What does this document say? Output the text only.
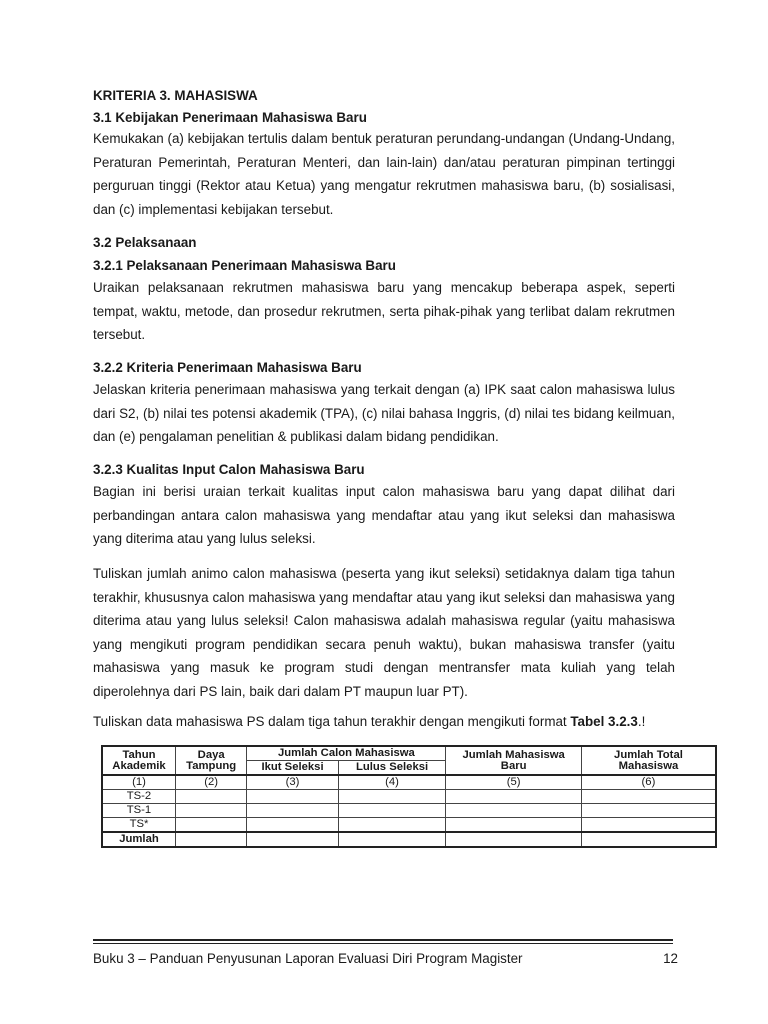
KRITERIA 3. MAHASISWA
3.1 Kebijakan Penerimaan Mahasiswa Baru
Kemukakan (a) kebijakan tertulis dalam bentuk peraturan perundang-undangan (Undang-Undang, Peraturan Pemerintah, Peraturan Menteri, dan lain-lain) dan/atau peraturan pimpinan tertinggi perguruan tinggi (Rektor atau Ketua) yang mengatur rekrutmen mahasiswa baru, (b) sosialisasi, dan (c) implementasi kebijakan tersebut.
3.2 Pelaksanaan
3.2.1 Pelaksanaan Penerimaan Mahasiswa Baru
Uraikan pelaksanaan rekrutmen mahasiswa baru yang mencakup beberapa aspek, seperti tempat, waktu, metode, dan prosedur rekrutmen, serta pihak-pihak yang terlibat dalam rekrutmen tersebut.
3.2.2 Kriteria Penerimaan Mahasiswa Baru
Jelaskan kriteria penerimaan mahasiswa yang terkait dengan (a) IPK saat calon mahasiswa lulus dari S2, (b) nilai tes potensi akademik (TPA), (c) nilai bahasa Inggris, (d) nilai tes bidang keilmuan, dan (e) pengalaman penelitian & publikasi dalam bidang pendidikan.
3.2.3 Kualitas Input Calon Mahasiswa Baru
Bagian ini berisi uraian terkait kualitas input calon mahasiswa baru yang dapat dilihat dari perbandingan antara calon mahasiswa yang mendaftar atau yang ikut seleksi dan mahasiswa yang diterima atau yang lulus seleksi.
Tuliskan jumlah animo calon mahasiswa (peserta yang ikut seleksi) setidaknya dalam tiga tahun terakhir, khususnya calon mahasiswa yang mendaftar atau yang ikut seleksi dan mahasiswa yang diterima atau yang lulus seleksi! Calon mahasiswa adalah mahasiswa regular (yaitu mahasiswa yang mengikuti program pendidikan secara penuh waktu), bukan mahasiswa transfer (yaitu mahasiswa yang masuk ke program studi dengan mentransfer mata kuliah yang telah diperolehnya dari PS lain, baik dari dalam PT maupun luar PT).
Tuliskan data mahasiswa PS dalam tiga tahun terakhir dengan mengikuti format Tabel 3.2.3.!
Tahun Akademik	Daya Tampung	Jumlah Calon Mahasiswa		Jumlah Mahasiswa Baru	Jumlah Total Mahasiswa
		Ikut Seleksi	Lulus Seleksi		
(1)	(2)	(3)	(4)	(5)	(6)
TS-2					
TS-1					
TS*					
Jumlah					
Buku 3 – Panduan Penyusunan Laporan Evaluasi Diri Program Magister	12
